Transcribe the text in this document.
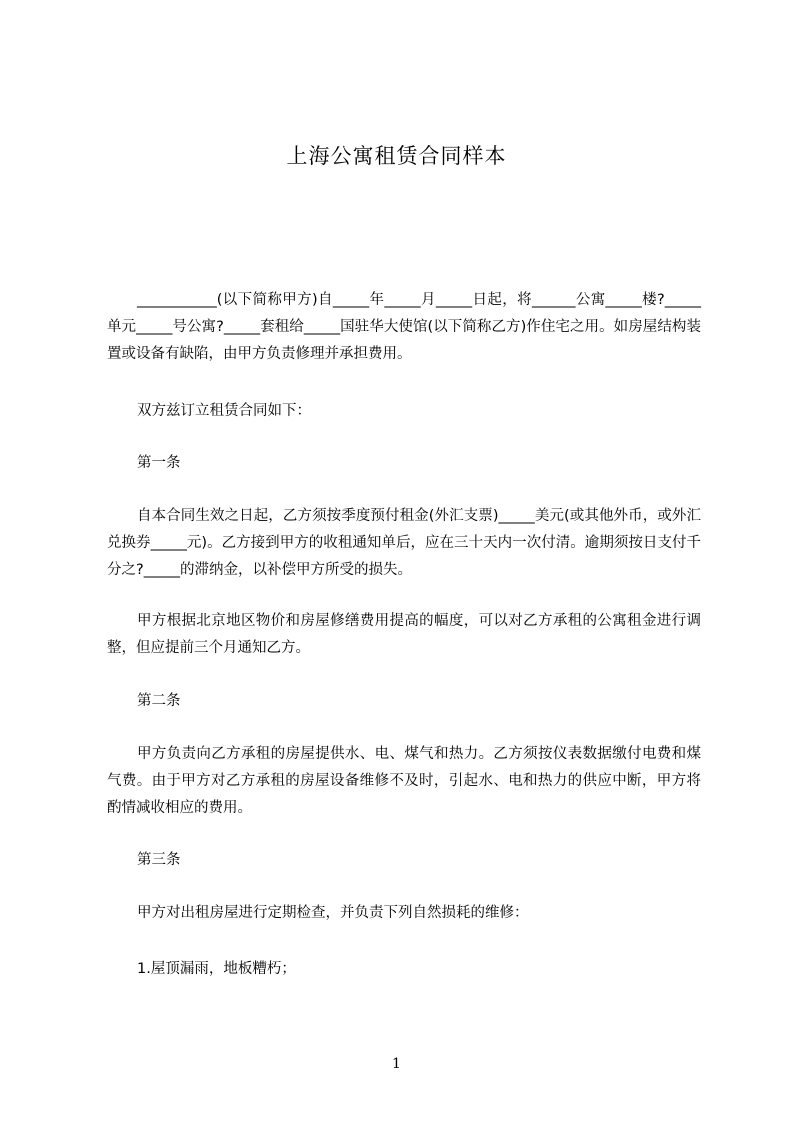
上海公寓租赁合同样本

___________(以下简称甲方)自_____年_____月_____日起，将______公寓_____楼?_____单元_____号公寓?_____套租给_____国驻华大使馆(以下简称乙方)作住宅之用。如房屋结构装置或设备有缺陷，由甲方负责修理并承担费用。

双方兹订立租赁合同如下：

第一条

自本合同生效之日起，乙方须按季度预付租金(外汇支票)_____美元(或其他外币，或外汇兑换券_____元)。乙方接到甲方的收租通知单后，应在三十天内一次付清。逾期须按日支付千分之?_____的滞纳金，以补偿甲方所受的损失。

甲方根据北京地区物价和房屋修缮费用提高的幅度，可以对乙方承租的公寓租金进行调整，但应提前三个月通知乙方。

第二条

甲方负责向乙方承租的房屋提供水、电、煤气和热力。乙方须按仪表数据缴付电费和煤气费。由于甲方对乙方承租的房屋设备维修不及时，引起水、电和热力的供应中断，甲方将酌情减收相应的费用。

第三条

甲方对出租房屋进行定期检查，并负责下列自然损耗的维修：

1.屋顶漏雨，地板糟朽；

1
